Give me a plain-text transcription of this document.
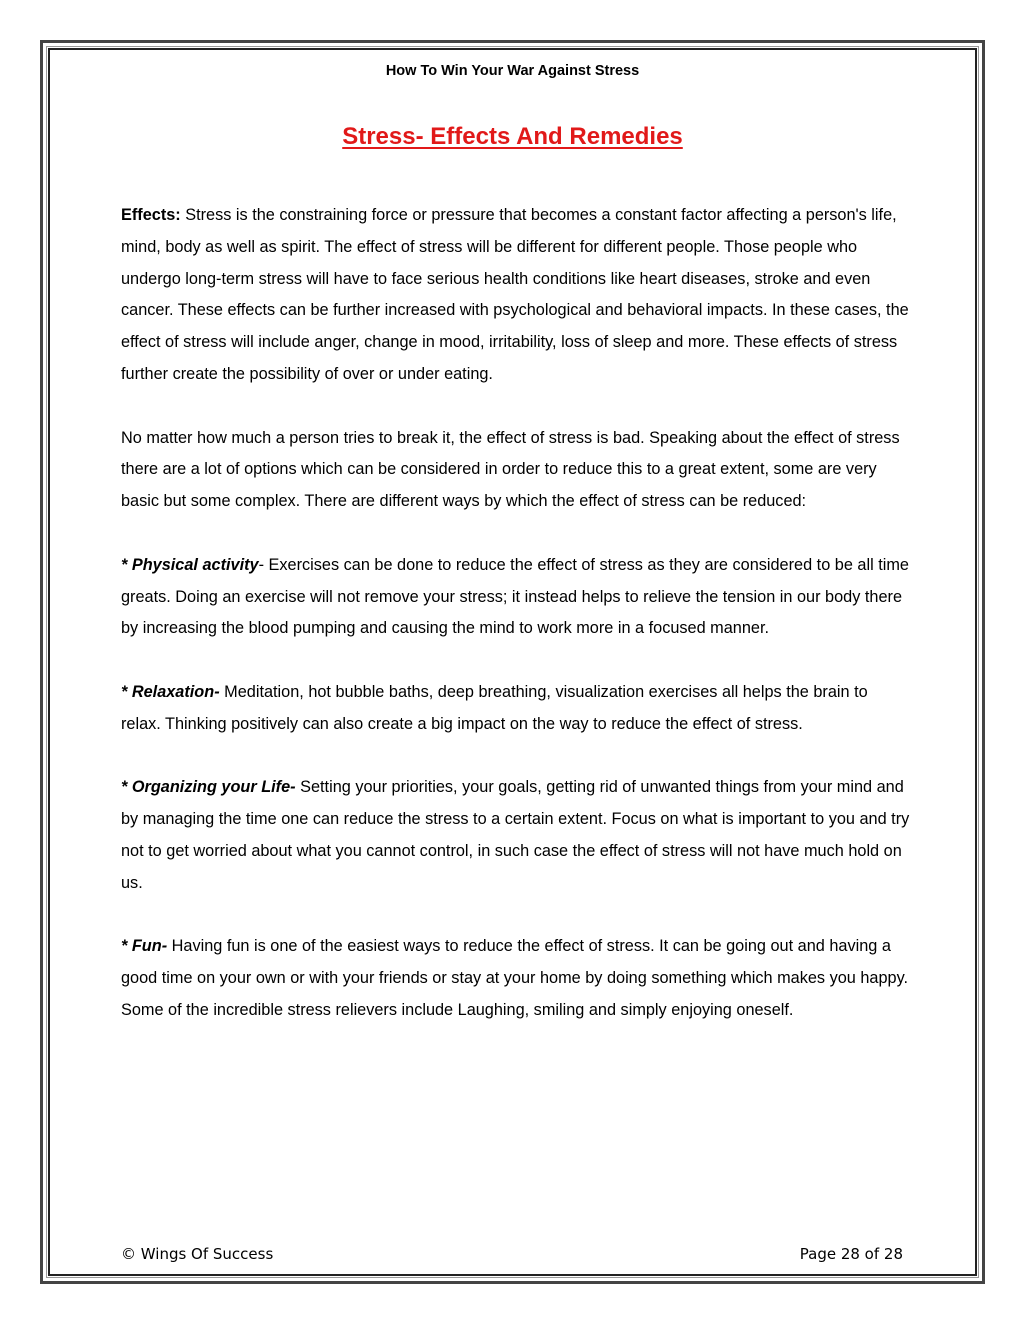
How To Win Your War Against Stress
Stress- Effects And Remedies

Effects: Stress is the constraining force or pressure that becomes a constant factor affecting a person's life, mind, body as well as spirit. The effect of stress will be different for different people. Those people who undergo long-term stress will have to face serious health conditions like heart diseases, stroke and even cancer. These effects can be further increased with psychological and behavioral impacts. In these cases, the effect of stress will include anger, change in mood, irritability, loss of sleep and more. These effects of stress further create the possibility of over or under eating.

No matter how much a person tries to break it, the effect of stress is bad. Speaking about the effect of stress there are a lot of options which can be considered in order to reduce this to a great extent, some are very basic but some complex. There are different ways by which the effect of stress can be reduced:

* Physical activity- Exercises can be done to reduce the effect of stress as they are considered to be all time greats. Doing an exercise will not remove your stress; it instead helps to relieve the tension in our body there by increasing the blood pumping and causing the mind to work more in a focused manner.

* Relaxation- Meditation, hot bubble baths, deep breathing, visualization exercises all helps the brain to relax. Thinking positively can also create a big impact on the way to reduce the effect of stress.

* Organizing your Life- Setting your priorities, your goals, getting rid of unwanted things from your mind and by managing the time one can reduce the stress to a certain extent. Focus on what is important to you and try not to get worried about what you cannot control, in such case the effect of stress will not have much hold on us.

* Fun- Having fun is one of the easiest ways to reduce the effect of stress. It can be going out and having a good time on your own or with your friends or stay at your home by doing something which makes you happy. Some of the incredible stress relievers include Laughing, smiling and simply enjoying oneself.

© Wings Of Success	Page 28 of 28
